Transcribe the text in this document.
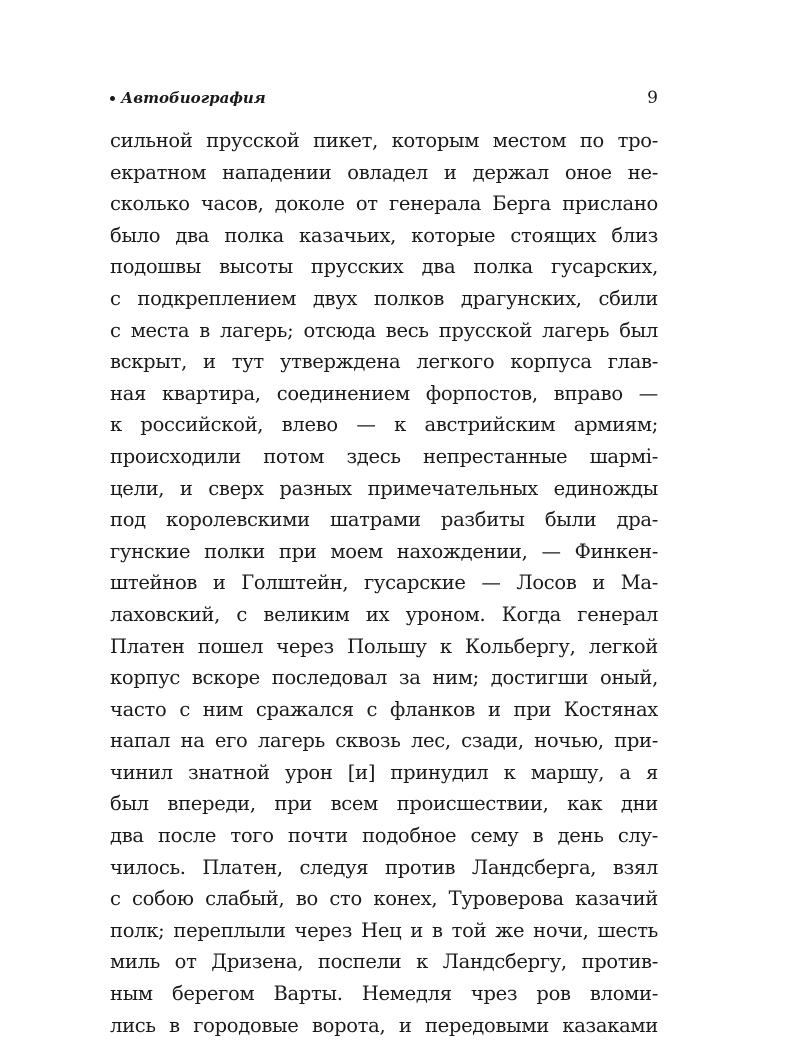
Автобиография	9
сильной прусской пикет, которым местом по тро-
екратном нападении овладел и держал оное не-
сколько часов, доколе от генерала Берга прислано
было два полка казачьих, которые стоящих близ
подошвы высоты прусских два полка гусарских,
с подкреплением двух полков драгунских, сбили
с места в лагерь; отсюда весь прусской лагерь был
вскрыт, и тут утверждена легкого корпуса глав-
ная квартира, соединением форпостов, вправо —
к российской, влево — к австрийским армиям;
происходили потом здесь непрестанные шармі-
цели, и сверх разных примечательных единожды
под королевскими шатрами разбиты были дра-
гунские полки при моем нахождении, — Финкен-
штейнов и Голштейн, гусарские — Лосов и Ма-
лаховский, с великим их уроном. Когда генерал
Платен пошел через Польшу к Кольбергу, легкой
корпус вскоре последовал за ним; достигши оный,
часто с ним сражался с фланков и при Костянах
напал на его лагерь сквозь лес, сзади, ночью, при-
чинил знатной урон [и] принудил к маршу, а я
был впереди, при всем происшествии, как дни
два после того почти подобное сему в день слу-
чилось. Платен, следуя против Ландсберга, взял
с собою слабый, во сто конех, Туроверова казачий
полк; переплыли через Нец и в той же ночи, шесть
миль от Дризена, поспели к Ландсбергу, против-
ным берегом Варты. Немедля чрез ров вломи-
лись в городовые ворота, и передовыми казаками
